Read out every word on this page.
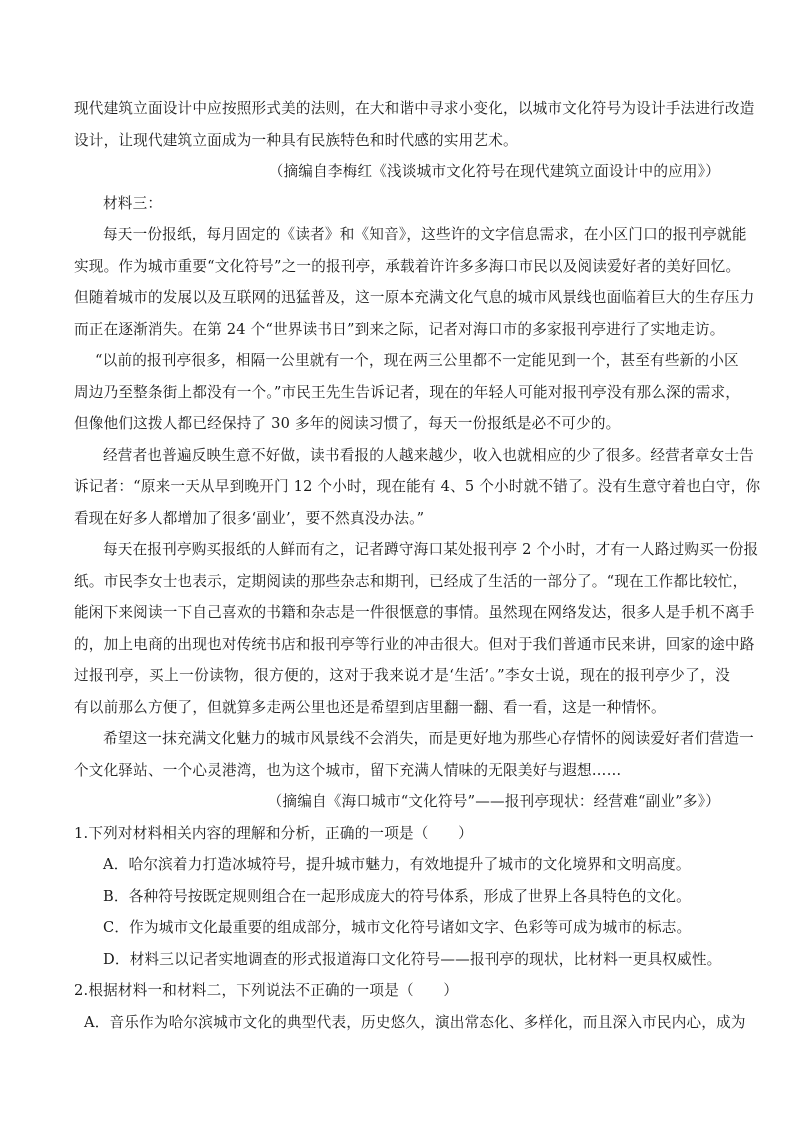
现代建筑立面设计中应按照形式美的法则，在大和谐中寻求小变化，以城市文化符号为设计手法进行改造
设计，让现代建筑立面成为一种具有民族特色和时代感的实用艺术。
（摘编自李梅红《浅谈城市文化符号在现代建筑立面设计中的应用》）
材料三：
每天一份报纸，每月固定的《读者》和《知音》，这些许的文字信息需求，在小区门口的报刊亭就能
实现。作为城市重要“文化符号”之一的报刊亭，承载着许许多多海口市民以及阅读爱好者的美好回忆。
但随着城市的发展以及互联网的迅猛普及，这一原本充满文化气息的城市风景线也面临着巨大的生存压力
而正在逐渐消失。在第 24 个“世界读书日”到来之际，记者对海口市的多家报刊亭进行了实地走访。
“以前的报刊亭很多，相隔一公里就有一个，现在两三公里都不一定能见到一个，甚至有些新的小区
周边乃至整条街上都没有一个。”市民王先生告诉记者，现在的年轻人可能对报刊亭没有那么深的需求，
但像他们这拨人都已经保持了 30 多年的阅读习惯了，每天一份报纸是必不可少的。
经营者也普遍反映生意不好做，读书看报的人越来越少，收入也就相应的少了很多。经营者章女士告
诉记者：“原来一天从早到晚开门 12 个小时，现在能有 4、5 个小时就不错了。没有生意守着也白守，你
看现在好多人都增加了很多‘副业’，要不然真没办法。”
每天在报刊亭购买报纸的人鲜而有之，记者蹲守海口某处报刊亭 2 个小时，才有一人路过购买一份报
纸。市民李女士也表示，定期阅读的那些杂志和期刊，已经成了生活的一部分了。“现在工作都比较忙，
能闲下来阅读一下自己喜欢的书籍和杂志是一件很惬意的事情。虽然现在网络发达，很多人是手机不离手
的，加上电商的出现也对传统书店和报刊亭等行业的冲击很大。但对于我们普通市民来讲，回家的途中路
过报刊亭，买上一份读物，很方便的，这对于我来说才是‘生活’。”李女士说，现在的报刊亭少了，没
有以前那么方便了，但就算多走两公里也还是希望到店里翻一翻、看一看，这是一种情怀。
希望这一抹充满文化魅力的城市风景线不会消失，而是更好地为那些心存情怀的阅读爱好者们营造一
个文化驿站、一个心灵港湾，也为这个城市，留下充满人情味的无限美好与遐想……
（摘编自《海口城市“文化符号”——报刊亭现状：经营难“副业”多》）
1.下列对材料相关内容的理解和分析，正确的一项是（　　）
A．哈尔滨着力打造冰城符号，提升城市魅力，有效地提升了城市的文化境界和文明高度。
B．各种符号按既定规则组合在一起形成庞大的符号体系，形成了世界上各具特色的文化。
C．作为城市文化最重要的组成部分，城市文化符号诸如文字、色彩等可成为城市的标志。
D．材料三以记者实地调查的形式报道海口文化符号——报刊亭的现状，比材料一更具权威性。
2.根据材料一和材料二，下列说法不正确的一项是（　　）
A．音乐作为哈尔滨城市文化的典型代表，历史悠久，演出常态化、多样化，而且深入市民内心，成为
